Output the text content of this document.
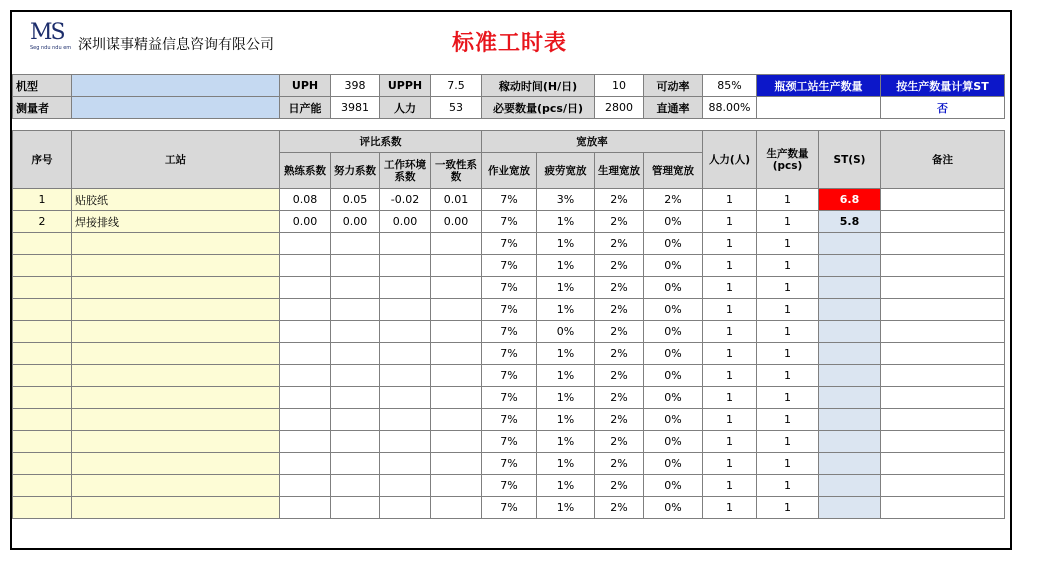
MS
Seg ndu ndu em 深圳谋事精益信息咨询有限公司	标准工时表
机型		UPH	398	UPPH	7.5	稼动时间(H/日)	10	可动率	85%	瓶颈工站生产数量	按生产数量计算ST
测量者		日产能	3981	人力	53	必要数量(pcs/日)	2800	直通率	88.00%		否
序号	工站	评比系数				宽放率				人力(人)	生产数量(pcs)	ST(S)	备注
		熟练系数	努力系数	工作环境系数	一致性系数	作业宽放	疲劳宽放	生理宽放	管理宽放				
1	贴胶纸	0.08	0.05	-0.02	0.01	7%	3%	2%	2%	1	1	6.8	
2	焊接排线	0.00	0.00	0.00	0.00	7%	1%	2%	0%	1	1	5.8	
						7%	1%	2%	0%	1	1		
						7%	1%	2%	0%	1	1		
						7%	1%	2%	0%	1	1		
						7%	1%	2%	0%	1	1		
						7%	0%	2%	0%	1	1		
						7%	1%	2%	0%	1	1		
						7%	1%	2%	0%	1	1		
						7%	1%	2%	0%	1	1		
						7%	1%	2%	0%	1	1		
						7%	1%	2%	0%	1	1		
						7%	1%	2%	0%	1	1		
						7%	1%	2%	0%	1	1		
						7%	1%	2%	0%	1	1		
